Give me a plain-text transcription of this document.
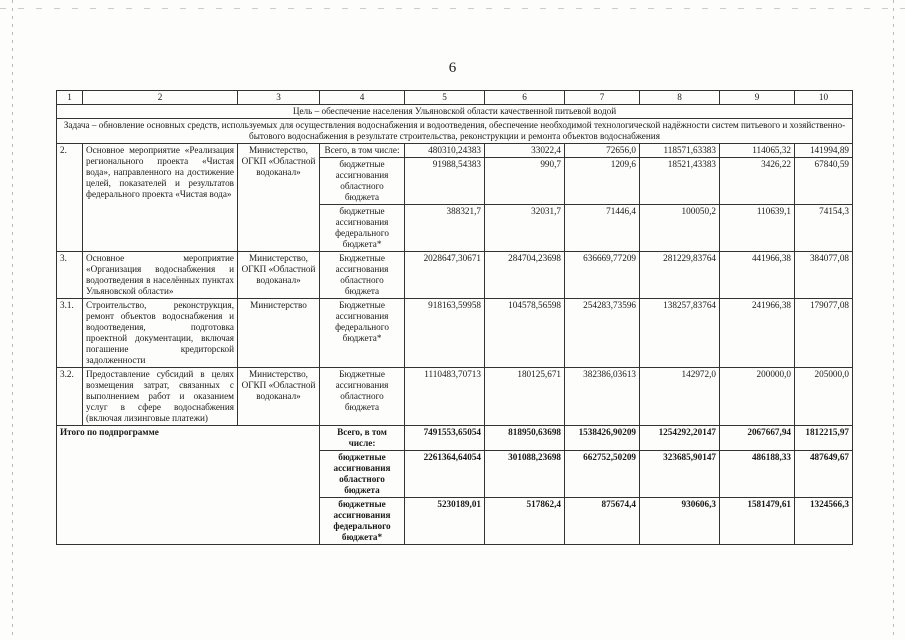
6
1	2	3	4	5	6	7	8	9	10
Цель – обеспечение населения Ульяновской области качественной питьевой водой									
Задача – обновление основных средств, используемых для осуществления водоснабжения и водоотведения, обеспечение необходимой технологической надёжности систем питьевого и хозяйственно-бытового водоснабжения в результате строительства, реконструкции и ремонта объектов водоснабжения									
2.	Основное мероприятие «Реализация регионального проекта «Чистая вода», направленного на достижение целей, показателей и результатов федерального проекта «Чистая вода»	Министерство, ОГКП «Областной водоканал»	Всего, в том числе:	480310,24383	33022,4	72656,0	118571,63383	114065,32	141994,89
			бюджетные ассигнования областного бюджета	91988,54383	990,7	1209,6	18521,43383	3426,22	67840,59
			бюджетные ассигнования федерального бюджета*	388321,7	32031,7	71446,4	100050,2	110639,1	74154,3
3.	Основное мероприятие «Организация водоснабжения и водоотведения в населённых пунктах Ульяновской области»	Министерство, ОГКП «Областной водоканал»	Бюджетные ассигнования областного бюджета	2028647,30671	284704,23698	636669,77209	281229,83764	441966,38	384077,08
3.1.	Строительство, реконструкция, ремонт объектов водоснабжения и водоотведения, подготовка проектной документации, включая погашение кредиторской задолженности	Министерство	Бюджетные ассигнования федерального бюджета*	918163,59958	104578,56598	254283,73596	138257,83764	241966,38	179077,08
3.2.	Предоставление субсидий в целях возмещения затрат, связанных с выполнением работ и оказанием услуг в сфере водоснабжения (включая лизинговые платежи)	Министерство, ОГКП «Областной водоканал»	Бюджетные ассигнования областного бюджета	1110483,70713	180125,671	382386,03613	142972,0	200000,0	205000,0
Итого по подпрограмме			Всего, в том числе:	7491553,65054	818950,63698	1538426,90209	1254292,20147	2067667,94	1812215,97
			бюджетные ассигнования областного бюджета	2261364,64054	301088,23698	662752,50209	323685,90147	486188,33	487649,67
			бюджетные ассигнования федерального бюджета*	5230189,01	517862,4	875674,4	930606,3	1581479,61	1324566,3
